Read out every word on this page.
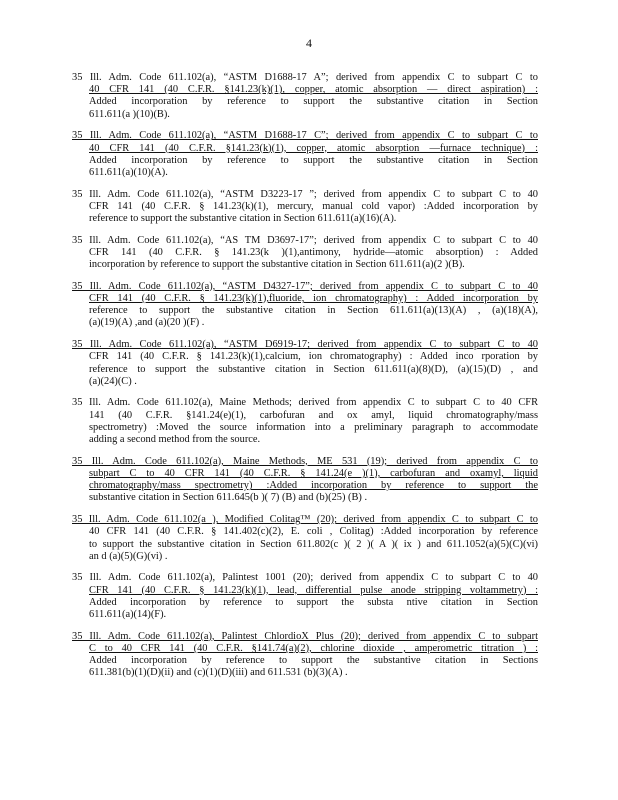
4
35 Ill. Adm. Code 611.102(a), “ASTM D1688-17 A”; derived from appendix C to subpart C to
40 CFR 141 (40 C.F.R. §141.23(k)(1), copper, atomic absorption — direct aspiration) :
Added incorporation by reference to support the substantive citation in Section
611.611(a )(10)(B).
35 Ill. Adm. Code 611.102(a), “ASTM D1688-17 C”; derived from appendix C to subpart C to
40 CFR 141 (40 C.F.R. §141.23(k)(1), copper, atomic absorption —furnace technique) :
Added incorporation by reference to support the substantive citation in Section
611.611(a)(10)(A).
35 Ill. Adm. Code 611.102(a), “ASTM D3223-17 ”; derived from appendix C to subpart C to 40
CFR 141 (40 C.F.R. § 141.23(k)(1), mercury, manual cold vapor) :Added incorporation by
reference to support the substantive citation in Section 611.611(a)(16)(A).
35 Ill. Adm. Code 611.102(a), “AS TM D3697-17”; derived from appendix C to subpart C to 40
CFR 141 (40 C.F.R. § 141.23(k )(1),antimony, hydride—atomic absorption) : Added
incorporation by reference to support the substantive citation in Section 611.611(a)(2 )(B).
35 Ill. Adm. Code 611.102(a), “ASTM D4327-17”; derived from appendix C to subpart C to 40
CFR 141 (40 C.F.R. § 141.23(k)(1),fluoride, ion chromatography) : Added incorporation by
reference to support the substantive citation in Section 611.611(a)(13)(A) , (a)(18)(A),
(a)(19)(A) ,and (a)(20 )(F) .
35 Ill. Adm. Code 611.102(a), “ASTM D6919-17; derived from appendix C to subpart C to 40
CFR 141 (40 C.F.R. § 141.23(k)(1),calcium, ion chromatography) : Added inco rporation by
reference to support the substantive citation in Section 611.611(a)(8)(D), (a)(15)(D) , and
(a)(24)(C) .
35 Ill. Adm. Code 611.102(a), Maine Methods; derived from appendix C to subpart C to 40 CFR
141 (40 C.F.R. §141.24(e)(1), carbofuran and ox amyl, liquid chromatography/mass
spectrometry) :Moved the source information into a preliminary paragraph to accommodate
adding a second method from the source.
35 Ill. Adm. Code 611.102(a), Maine Methods, ME 531 (19); derived from appendix C to
subpart C to 40 CFR 141 (40 C.F.R. § 141.24(e )(1), carbofuran and oxamyl, liquid
chromatography/mass spectrometry) :Added incorporation by reference to support the
substantive citation in Section 611.645(b )( 7) (B) and (b)(25) (B) .
35 Ill. Adm. Code 611.102(a ), Modified Colitag™ (20); derived from appendix C to subpart C to
40 CFR 141 (40 C.F.R. § 141.402(c)(2), E. coli , Colitag) :Added incorporation by reference
to support the substantive citation in Section 611.802(c )( 2 )( A )( ix ) and 611.1052(a)(5)(C)(vi)
an d (a)(5)(G)(vi) .
35 Ill. Adm. Code 611.102(a), Palintest 1001 (20); derived from appendix C to subpart C to 40
CFR 141 (40 C.F.R. § 141.23(k)(1), lead, differential pulse anode stripping voltammetry) :
Added incorporation by reference to support the substa ntive citation in Section
611.611(a)(14)(F).
35 Ill. Adm. Code 611.102(a), Palintest ChlordioX Plus (20); derived from appendix C to subpart
C to 40 CFR 141 (40 C.F.R. §141.74(a)(2), chlorine dioxide , amperometric titration ) :
Added incorporation by reference to support the substantive citation in Sections
611.381(b)(1)(D)(ii) and (c)(1)(D)(iii) and 611.531 (b)(3)(A) .
